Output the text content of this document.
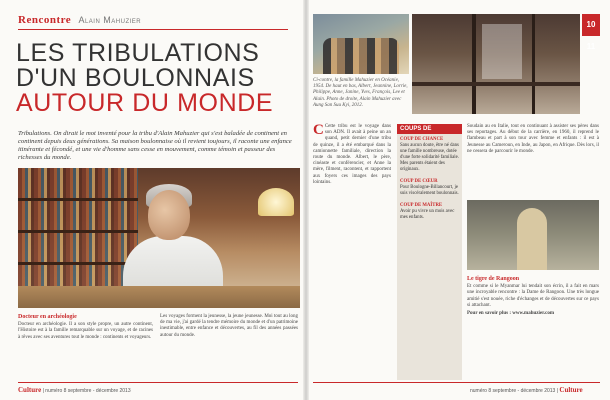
Rencontre Alain Mahuzier
LES TRIBULATIONS
D'UN BOULONNAIS
AUTOUR DU MONDE
Tribulations. On dirait le mot inventé pour la tribu d'Alain Mahuzier qui s'est baladée de continent en continent depuis deux générations. Sa maison boulonnaise où il revient toujours, il raconte une enfance itinérante et fécondé, et une vie d'homme sans cesse en mouvement, comme témoin et passeur des richesses du monde.
Docteur en archéologie
Docteur en archéologie. Il a son style propre, un autre continent, l'Histoire est à la famille remarquable sur un voyage, et de racines à rêves avec ses aventures tout le monde : continents et voyageurs.
Les voyages forment la jeunesse, la jeune jeunesse. Moi tout au long de ma vie, j'ai gardé la tendre mémoire du monde et d'un patrimoine inestimable, entre enfance et découvertes, au fil des années passées autour du monde.
Ci-contre, la famille Mahuzier en Océanie, 1954. De haut en bas, Albert, Jeannine, Lorrie, Philippe, Anne, Janine, Yves, François, Lee et Alain. Photo de droite, Alain Mahuzier avec Aung San Suu Kyi, 2012.
10 11
C Cette tribu est le voyage dans son ADN. Il avait à peine un an quand, petit dernier d'une tribu de quinze, il a été embarqué dans la camionnette familiale, direction la route du monde. Albert, le père, cinéaste et conférencier, et Anne la mère, filment, racontent, et rapportent aux foyers ces images des pays lointains.
COUPS DE
COUP DE CHANCE
Sans aucun doute, être né dans une famille nombreuse, dotée d'une forte solidarité familiale. Mes parents étaient des originaux.

COUP DE CŒUR
Pour Boulogne-Billancourt, je suis viscéralement boulonnais.

COUP DE MAÎTRE
Avoir pu vivre un mois avec mes enfants.
Soudain au en Italie, tout en continuant à assister ses pères dans ses reportages. Au début de la carrière, en 1960, il reprend le flambeau et part à son tour avec femme et enfants : il est à Jeunesse au Cameroun, en Inde, au Japon, en Afrique. Dès lors, il ne cessera de parcourir le monde.
Le tigre de Rangoon
Et comme si le Myanmar lui tendait son écrin, il a fait en mars une incroyable rencontre : la Dame de Rangoon. Une très longue amitié s'est nouée, riche d'échanges et de découvertes sur ce pays si attachant.
Pour en savoir plus : www.mahuzier.com
Culture | numéro 8 septembre - décembre 2013	numéro 8 septembre - décembre 2013 | Culture
